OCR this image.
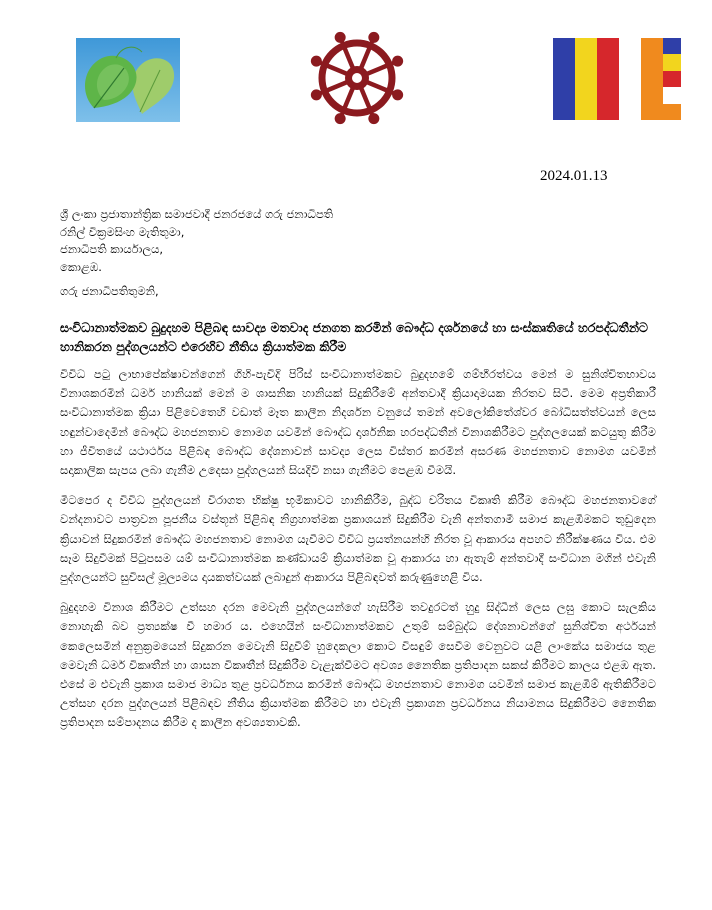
2024.01.13
ශ්‍රී ලංකා ප්‍රජාතාන්ත්‍රික සමාජවාදී ජනරජයේ ගරු ජනාධිපති
රනිල් වික්‍රමසිංහ මැතිතුමා,
ජනාධිපති කාර්යාලය,
කොළඹ.
ගරු ජනාධිපතිතුමනි,
සංවිධානාත්මකව බුදුදහම පිළිබඳ සාවද්‍ය මතවාද ජනගත කරමින් බෞද්ධ දර්ශනයේ හා සංස්කෘතියේ හරපද්ධතීන්ට හානිකරන පුද්ගලයන්ට එරෙහිව නීතිය ක්‍රියාත්මක කිරීම

විවිධ පටු ලාභාපේක්ෂාවන්ගෙන් ගිහි-පැවිදි පිරිස් සංවිධානාත්මකව බුදුදහමේ ගම්භීරත්වය මෙන් ම සුනිශ්චිතභාවය විනාශකරමින් ධර්ම හානියක් මෙන් ම ශාසනික හානියක් සිදුකිරීමේ අන්තවාදී ක්‍රියාදාමයක නිරතව සිටී. මෙම අප්‍රතිකාරී සංවිධානාත්මක ක්‍රියා පිළිවෙතෙහි වඩාත් මෑත කාලීන නිදර්ශන වනුයේ තමන් අවලෝකිතේශ්වර බෝධිසත්ත්වයන් ලෙස හඳුන්වාදෙමින් බෞද්ධ මහජනතාව නොමග යවමින් බෞද්ධ දාර්ශනික හරපද්ධතීන් විනාශකිරීමට පුද්ගලයෙක් කටයුතු කිරීම හා ජීවිතයේ යථාර්ථය පිළිබඳ බෞද්ධ දේශනාවන් සාවද්‍ය ලෙස විස්තර කරමින් අසරණ මහජනතාව නොමග යවමින් සදාකාලික සැපය ලබා ගැනීම උදෙසා පුද්ගලයන් සියදිවි නසා ගැනීමට පෙළඹ වීමයි.

මීටපෙර ද විවිධ පුද්ගලයන් විරාගත භික්ෂු භූමිකාවට හානිකිරීම, බුද්ධ චරිතය විකෘති කිරීම බෞද්ධ මහජනතාවගේ වන්දනාවට පාත්‍රවන පූජනීය වස්තූන් පිළිබඳ නිග්‍රහාත්මක ප්‍රකාශයන් සිදුකිරීම වැනි අන්තගාමී සමාජ කැළඹීමකට තුඩුදෙන ක්‍රියාවන් සිදුකරමින් බෞද්ධ මහජනතාව නොමග යැවීමට විවිධ ප්‍රයත්නයන්හි නිරත වූ ආකාරය අපහට නිරීක්ෂණය විය. එම සෑම සිදුවීමක් පිටුපසම යම් සංවිධානාත්මක කණ්ඩායම් ක්‍රියාත්මක වූ ආකාරය හා ඇතැම් අන්තවාදී සංවිධාන මගින් එවැනි පුද්ගලයන්ට සුවිසල් මූල්‍යමය දායකත්වයක් ලබාදුන් ආකාරය පිළිබඳවත් කරුණුහෙළි විය.

බුදුදහම විනාශ කිරීමට උත්සහ දරන මෙවැනි පුද්ගලයන්ගේ හැසිරීම තවදුරටත් හුදු සිද්ධීන් ලෙස ලඝු කොට සැලකිය නොහැකි බව ප්‍රත්‍යක්ෂ වී හමාර ය. එහෙයින් සංවිධානාත්මකව උතුම් සම්බුද්ධ දේශනාවන්ගේ සුනිශ්චිත අර්ථයන් කෙලෙසමින් අනුක්‍රමයෙන් සිදුකරන මෙවැනි සිදුවීම් හුදෙකලා කොට විසඳුම් සෙවීම වෙනුවට යළි ලාංකේය සමාජය තුළ මෙවැනි ධර්ම විකෘතීන් හා ශාසන විකෘතීන් සිදුකිරීම වැළැක්වීමට අවශ්‍ය නෛතික ප්‍රතිපාදන සකස් කිරීමට කාලය එළඹ ඇත. එසේ ම එවැනි ප්‍රකාශ සමාජ මාධ්‍ය තුළ ප්‍රවර්ධනය කරමින් බෞද්ධ මහජනතාව නොමග යවමින් සමාජ කැළඹීම් ඇතිකිරීමට උත්සහ දරන පුද්ගලයන් පිළිබඳව නීතිය ක්‍රියාත්මක කිරීමට හා එවැනි ප්‍රකාශන ප්‍රවර්ධනය නියාමනය සිදුකිරීමට නෛතික ප්‍රතිපාදන සම්පාදනය කිරීම ද කාලීන අවශ්‍යතාවකි.
